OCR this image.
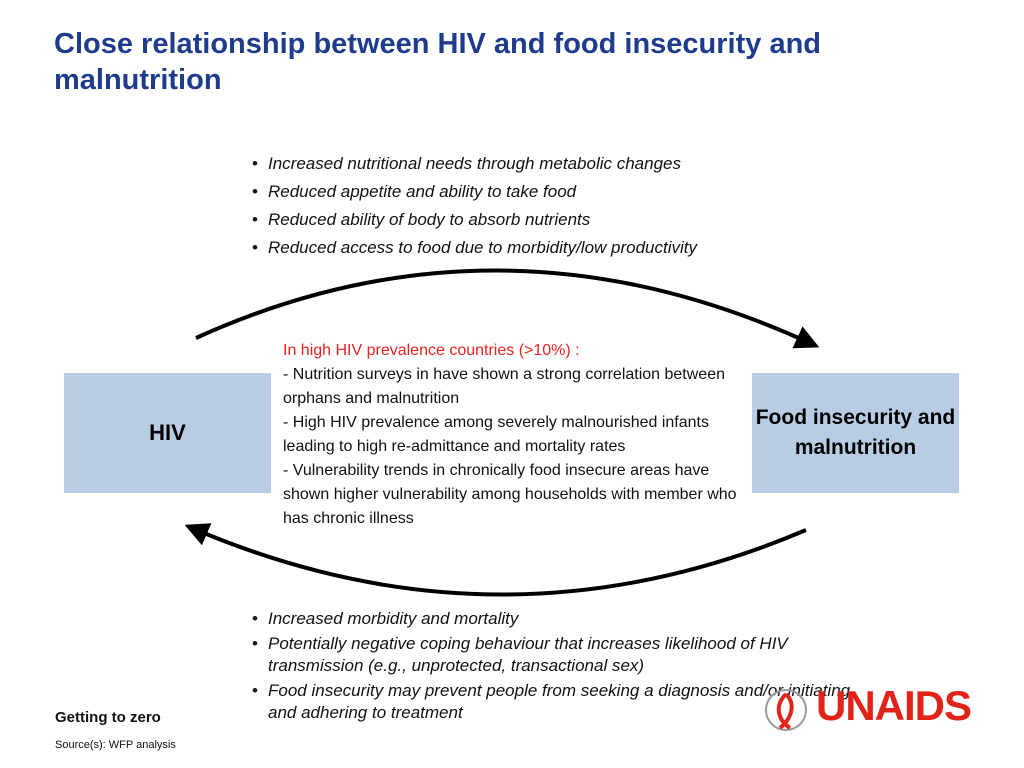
Close relationship between HIV and food insecurity and malnutrition
• Increased nutritional needs through metabolic changes
• Reduced appetite and ability to take food
• Reduced ability of body to absorb nutrients
• Reduced access to food due to morbidity/low productivity
HIV
Food insecurity and malnutrition
In high HIV prevalence countries (>10%) :
- Nutrition surveys in have shown a strong correlation between orphans and malnutrition
- High HIV prevalence among severely malnourished infants leading to high re-admittance and mortality rates
- Vulnerability trends in chronically food insecure areas have shown higher vulnerability among households with member who has chronic illness
• Increased morbidity and mortality
• Potentially negative coping behaviour that increases likelihood of HIV transmission (e.g., unprotected, transactional sex)
• Food insecurity may prevent people from seeking a diagnosis and/or initiating and adhering to treatment
Getting to zero
Source(s): WFP analysis
UNAIDS
